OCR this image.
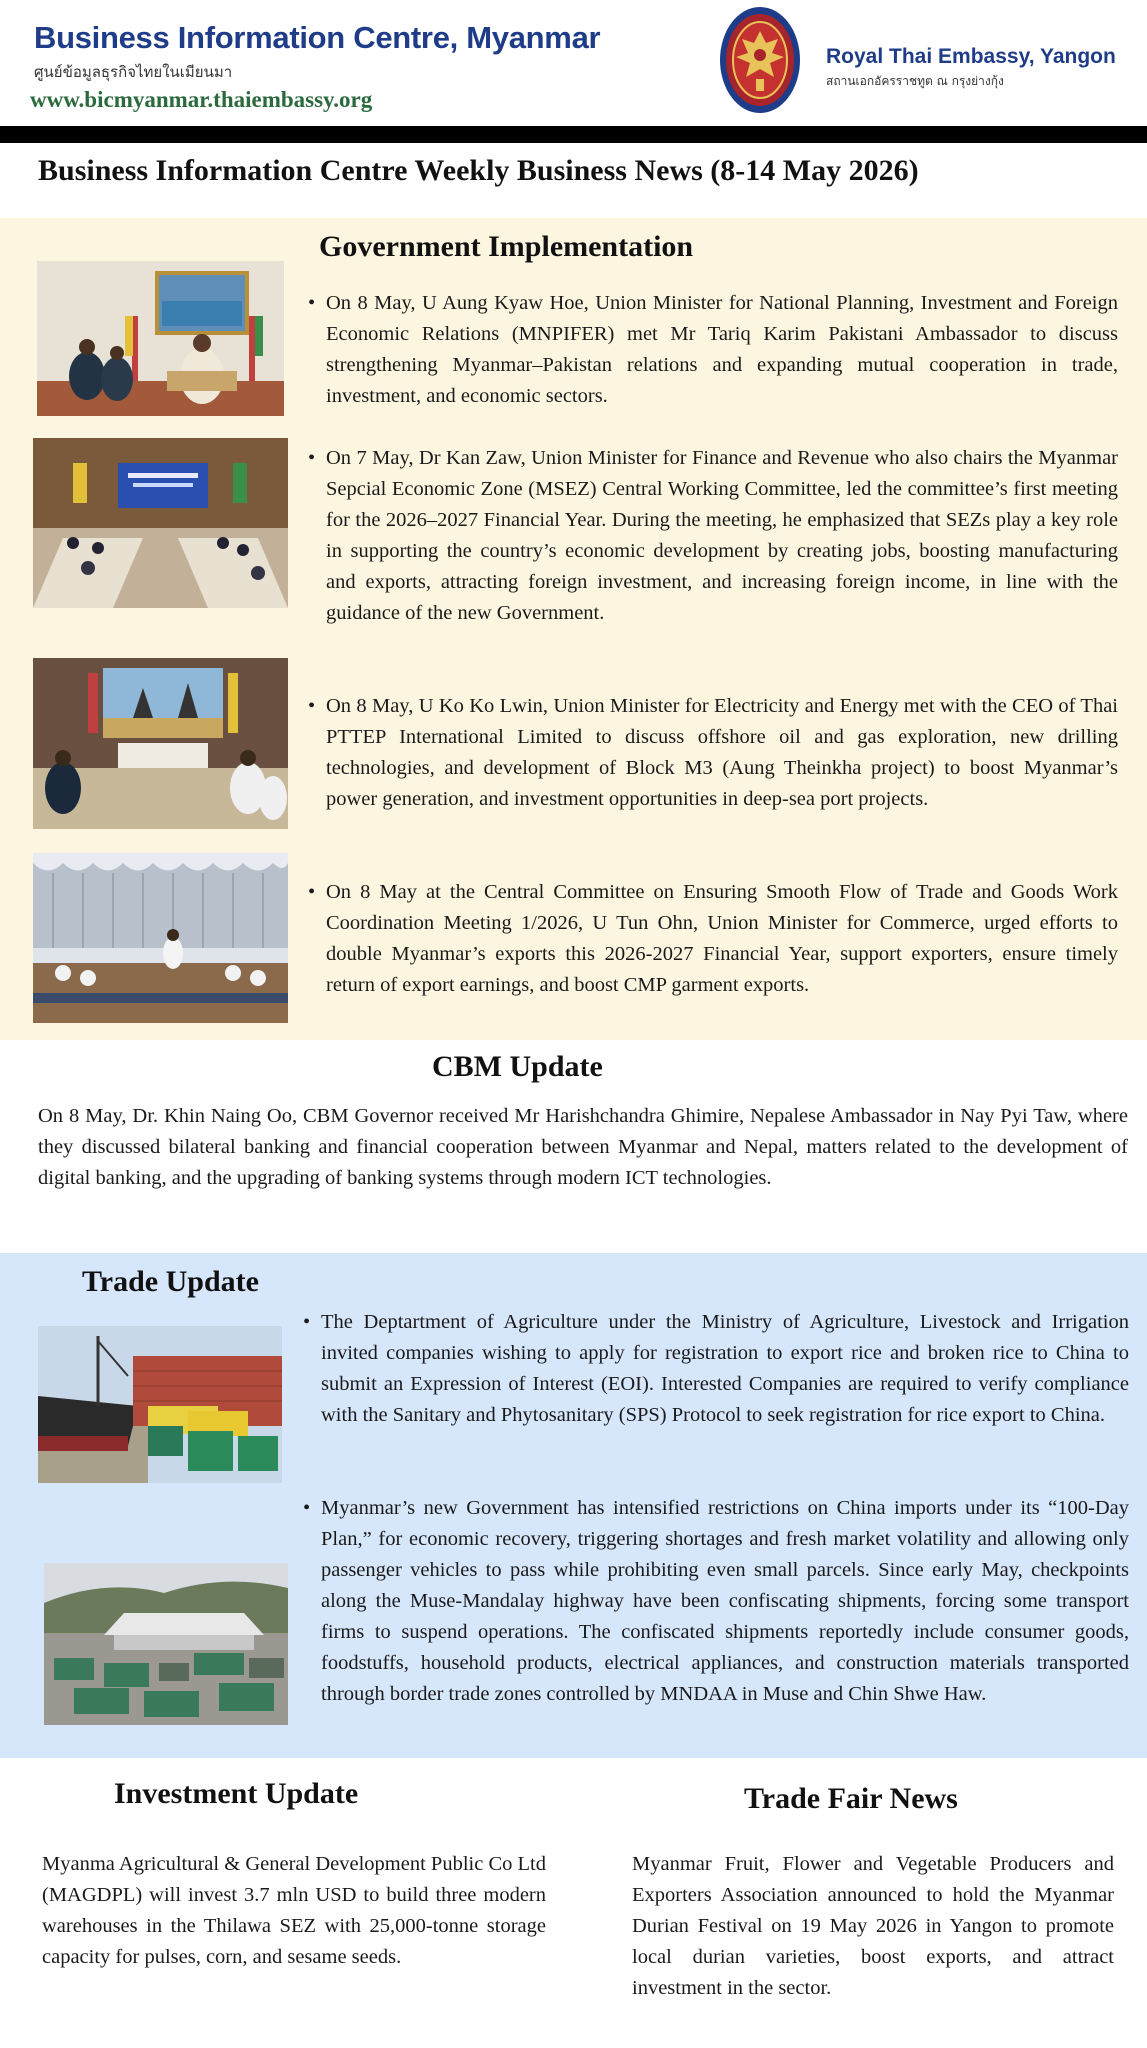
Business Information Centre, Myanmar
ศูนย์ข้อมูลธุรกิจไทยในเมียนมา
www.bicmyanmar.thaiembassy.org
Royal Thai Embassy, Yangon
สถานเอกอัครราชทูต ณ กรุงย่างกุ้ง
Business Information Centre Weekly Business News (8-14 May 2026)
Government Implementation
• On 8 May, U Aung Kyaw Hoe, Union Minister for National Planning, Investment and Foreign Economic Relations (MNPIFER) met Mr Tariq Karim Pakistani Ambassador to discuss strengthening Myanmar–Pakistan relations and expanding mutual cooperation in trade, investment, and economic sectors.

• On 7 May, Dr Kan Zaw, Union Minister for Finance and Revenue who also chairs the Myanmar Sepcial Economic Zone (MSEZ) Central Working Committee, led the committee’s first meeting for the 2026–2027 Financial Year. During the meeting, he emphasized that SEZs play a key role in supporting the country’s economic development by creating jobs, boosting manufacturing and exports, attracting foreign investment, and increasing foreign income, in line with the guidance of the new Government.

• On 8 May, U Ko Ko Lwin, Union Minister for Electricity and Energy met with the CEO of Thai PTTEP International Limited to discuss offshore oil and gas exploration, new drilling technologies, and development of Block M3 (Aung Theinkha project) to boost Myanmar’s power generation, and investment opportunities in deep-sea port projects.

• On 8 May at the Central Committee on Ensuring Smooth Flow of Trade and Goods Work Coordination Meeting 1/2026, U Tun Ohn, Union Minister for Commerce, urged efforts to double Myanmar’s exports this 2026-2027 Financial Year, support exporters, ensure timely return of export earnings, and boost CMP garment exports.

CBM Update

On 8 May, Dr. Khin Naing Oo, CBM Governor received Mr Harishchandra Ghimire, Nepalese Ambassador in Nay Pyi Taw, where they discussed bilateral banking and financial cooperation between Myanmar and Nepal, matters related to the development of digital banking, and the upgrading of banking systems through modern ICT technologies.

Trade Update
• The Deptartment of Agriculture under the Ministry of Agriculture, Livestock and Irrigation invited companies wishing to apply for registration to export rice and broken rice to China to submit an Expression of Interest (EOI). Interested Companies are required to verify compliance with the Sanitary and Phytosanitary (SPS) Protocol to seek registration for rice export to China.

• Myanmar’s new Government has intensified restrictions on China imports under its “100-Day Plan,” for economic recovery, triggering shortages and fresh market volatility and allowing only passenger vehicles to pass while prohibiting even small parcels. Since early May, checkpoints along the Muse-Mandalay highway have been confiscating shipments, forcing some transport firms to suspend operations. The confiscated shipments reportedly include consumer goods, foodstuffs, household products, electrical appliances, and construction materials transported through border trade zones controlled by MNDAA in Muse and Chin Shwe Haw.

Investment Update

Myanma Agricultural & General Development Public Co Ltd (MAGDPL) will invest 3.7 mln USD to build three modern warehouses in the Thilawa SEZ with 25,000-tonne storage capacity for pulses, corn, and sesame seeds.

Trade Fair News

Myanmar Fruit, Flower and Vegetable Producers and Exporters Association announced to hold the Myanmar Durian Festival on 19 May 2026 in Yangon to promote local durian varieties, boost exports, and attract investment in the sector.
